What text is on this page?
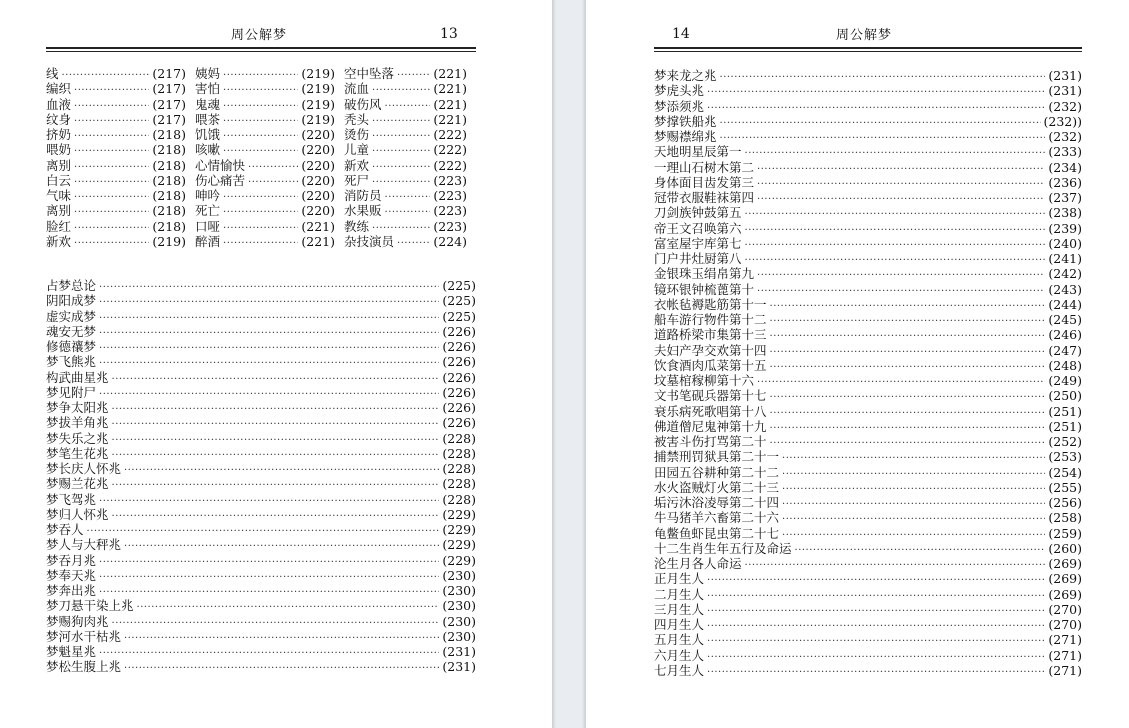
周公解梦	13
线 ·····	(217) 姨妈 ·····	(219) 空中坠落 ·····	(221)
编织 ·····	(217) 害怕 ·····	(219) 流血 ·····	(221)
血液 ·····	(217) 鬼魂 ·····	(219) 破伤风 ·····	(221)
纹身 ·····	(217) 喂茶 ·····	(219) 秃头 ·····	(221)
挤奶 ·····	(218) 饥饿 ·····	(220) 烫伤 ·····	(222)
喂奶 ·····	(218) 咳嗽 ·····	(220) 儿童 ·····	(222)
离别 ·····	(218) 心情愉快 ·····	(220) 新欢 ·····	(222)
白云 ·····	(218) 伤心痛苦 ·····	(220) 死尸 ·····	(223)
气味 ·····	(218) 呻吟 ·····	(220) 消防员 ·····	(223)
离别 ·····	(218) 死亡 ·····	(220) 水果贩 ·····	(223)
脸红 ·····	(218) 口哑 ·····	(221) 教练 ·····	(223)
新欢 ·····	(219) 醉酒 ·····	(221) 杂技演员 ·····	(224)
占梦总论 ·····	(225)
阴阳成梦 ·····	(225)
虚实成梦 ·····	(225)
魂安无梦 ·····	(226)
修德禳梦 ·····	(226)
梦飞熊兆 ·····	(226)
构武曲星兆 ·····	(226)
梦见附尸 ·····	(226)
梦争太阳兆 ·····	(226)
梦拔羊角兆 ·····	(226)
梦失乐之兆 ·····	(228)
梦笔生花兆 ·····	(228)
梦长庆人怀兆 ·····	(228)
梦赐兰花兆 ·····	(228)
梦飞驾兆 ·····	(228)
梦归人怀兆 ·····	(229)
梦吞人 ·····	(229)
梦人与大秤兆 ·····	(229)
梦吞月兆 ·····	(229)
梦奉天兆 ·····	(230)
梦奔出兆 ·····	(230)
梦刀悬干染上兆 ·····	(230)
梦赐狗肉兆 ·····	(230)
梦河水干枯兆 ·····	(230)
梦魁星兆 ·····	(231)
梦松生腹上兆 ·····	(231)
14	周公解梦
梦来龙之兆 ·····	(231)
梦虎头兆 ·····	(231)
梦添须兆 ·····	(232)
梦撑铁船兆 ·····	(232))
梦赐襟绵兆 ·····	(232)
天地明星辰第一 ·····	(233)
一理山石树木第二 ·····	(234)
身体面目齿发第三 ·····	(236)
冠带衣服鞋袜第四 ·····	(237)
刀剑族钟鼓第五 ·····	(238)
帝王文召唤第六 ·····	(239)
富室屋宇库第七 ·····	(240)
门户井灶厨第八 ·····	(241)
金银珠玉绢帛第九 ·····	(242)
镜环银钟梳蓖第十 ·····	(243)
衣帐毡褥匙筋第十一 ·····	(244)
船车游行物件第十二 ·····	(245)
道路桥梁市集第十三 ·····	(246)
夫妇产孕交欢第十四 ·····	(247)
饮食酒肉瓜菜第十五 ·····	(248)
坟墓棺稼柳第十六 ·····	(249)
文书笔砚兵器第十七 ·····	(250)
衰乐病死歌唱第十八 ·····	(251)
佛道僧尼鬼神第十九 ·····	(251)
被害斗伤打骂第二十 ·····	(252)
捕禁刑罚狱具第二十一 ·····	(253)
田园五谷耕种第二十二 ·····	(254)
水火盗贼灯火第二十三 ·····	(255)
垢污沐浴凌辱第二十四 ·····	(256)
牛马猪羊六畜第二十六 ·····	(258)
龟鳖鱼虾昆虫第二十七 ·····	(259)
十二生肖生年五行及命运 ·····	(260)
沦生月各人命运 ·····	(269)
正月生人 ·····	(269)
二月生人 ·····	(269)
三月生人 ·····	(270)
四月生人 ·····	(270)
五月生人 ·····	(271)
六月生人 ·····	(271)
七月生人 ·····	(271)
